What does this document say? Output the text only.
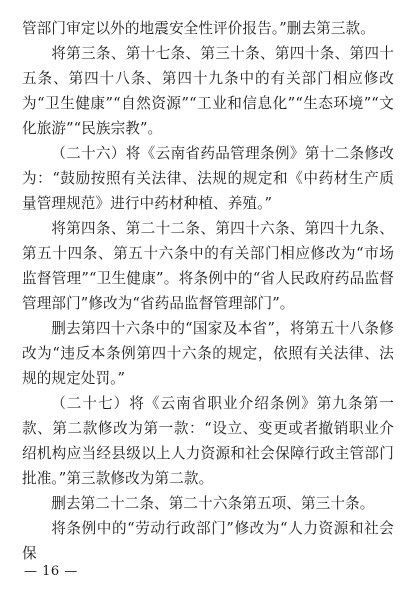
管部门审定以外的地震安全性评价报告。”删去第三款。

将第三条、第十七条、第三十条、第四十条、第四十五条、第四十八条、第四十九条中的有关部门相应修改为“卫生健康”“自然资源”“工业和信息化”“生态环境”“文化旅游”“民族宗教”。

（二十六）将《云南省药品管理条例》第十二条修改为：“鼓励按照有关法律、法规的规定和《中药材生产质量管理规范》进行中药材种植、养殖。”

将第四条、第二十二条、第四十六条、第四十九条、第五十四条、第五十六条中的有关部门相应修改为“市场监督管理”“卫生健康”。将条例中的“省人民政府药品监督管理部门”修改为“省药品监督管理部门”。

删去第四十六条中的“国家及本省”，将第五十八条修改为“违反本条例第四十六条的规定，依照有关法律、法规的规定处罚。”

（二十七）将《云南省职业介绍条例》第九条第一款、第二款修改为第一款：“设立、变更或者撤销职业介绍机构应当经县级以上人力资源和社会保障行政主管部门批准。”第三款修改为第二款。

删去第二十二条、第二十六条第五项、第三十条。

将条例中的“劳动行政部门”修改为“人力资源和社会保

— 16 —
